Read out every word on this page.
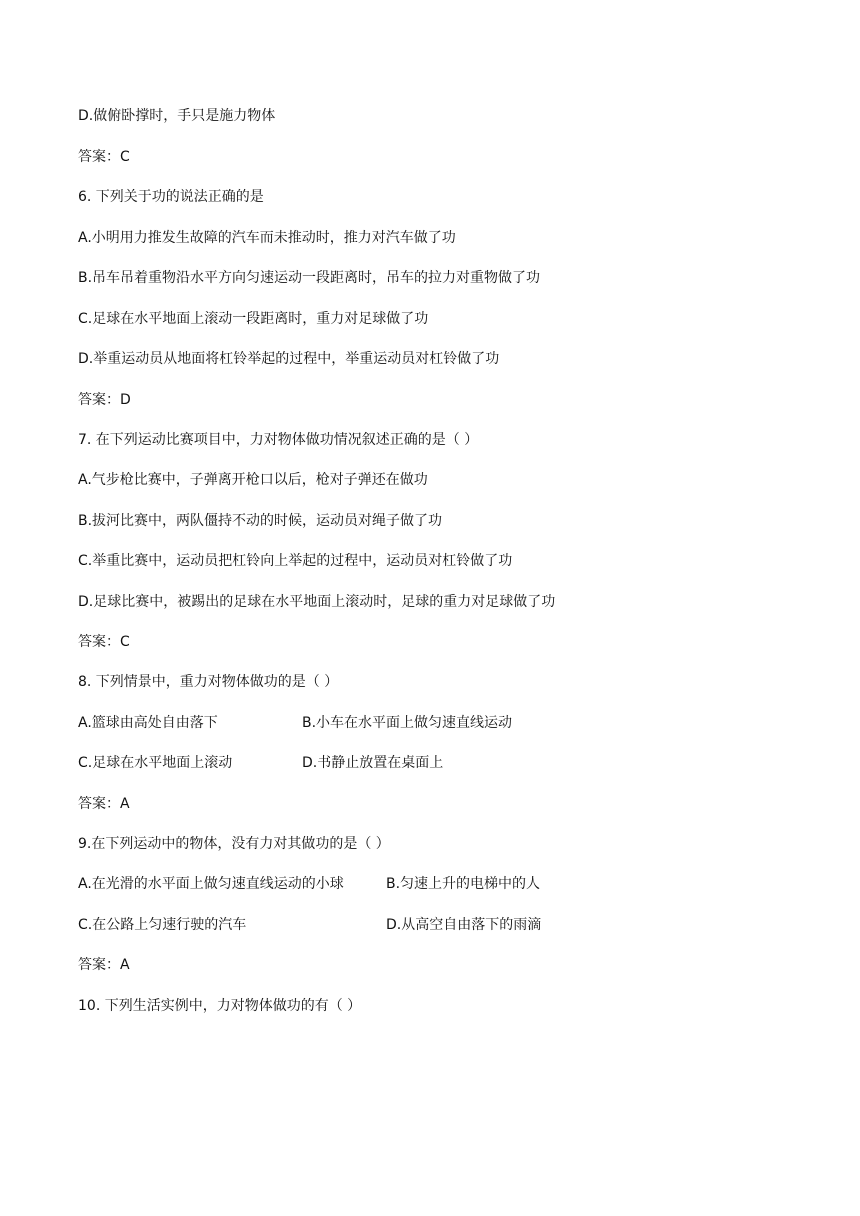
D.做俯卧撑时，手只是施力物体
答案：C
6. 下列关于功的说法正确的是
A.小明用力推发生故障的汽车而未推动时，推力对汽车做了功
B.吊车吊着重物沿水平方向匀速运动一段距离时，吊车的拉力对重物做了功
C.足球在水平地面上滚动一段距离时，重力对足球做了功
D.举重运动员从地面将杠铃举起的过程中，举重运动员对杠铃做了功
答案：D
7. 在下列运动比赛项目中，力对物体做功情况叙述正确的是（ ）
A.气步枪比赛中，子弹离开枪口以后，枪对子弹还在做功
B.拔河比赛中，两队僵持不动的时候，运动员对绳子做了功
C.举重比赛中，运动员把杠铃向上举起的过程中，运动员对杠铃做了功
D.足球比赛中，被踢出的足球在水平地面上滚动时，足球的重力对足球做了功
答案：C
8. 下列情景中，重力对物体做功的是（ ）
A.篮球由高处自由落下	B.小车在水平面上做匀速直线运动
C.足球在水平地面上滚动	D.书静止放置在桌面上
答案：A
9.在下列运动中的物体，没有力对其做功的是（ ）
A.在光滑的水平面上做匀速直线运动的小球	B.匀速上升的电梯中的人
C.在公路上匀速行驶的汽车	D.从高空自由落下的雨滴
答案：A
10. 下列生活实例中，力对物体做功的有（ ）
